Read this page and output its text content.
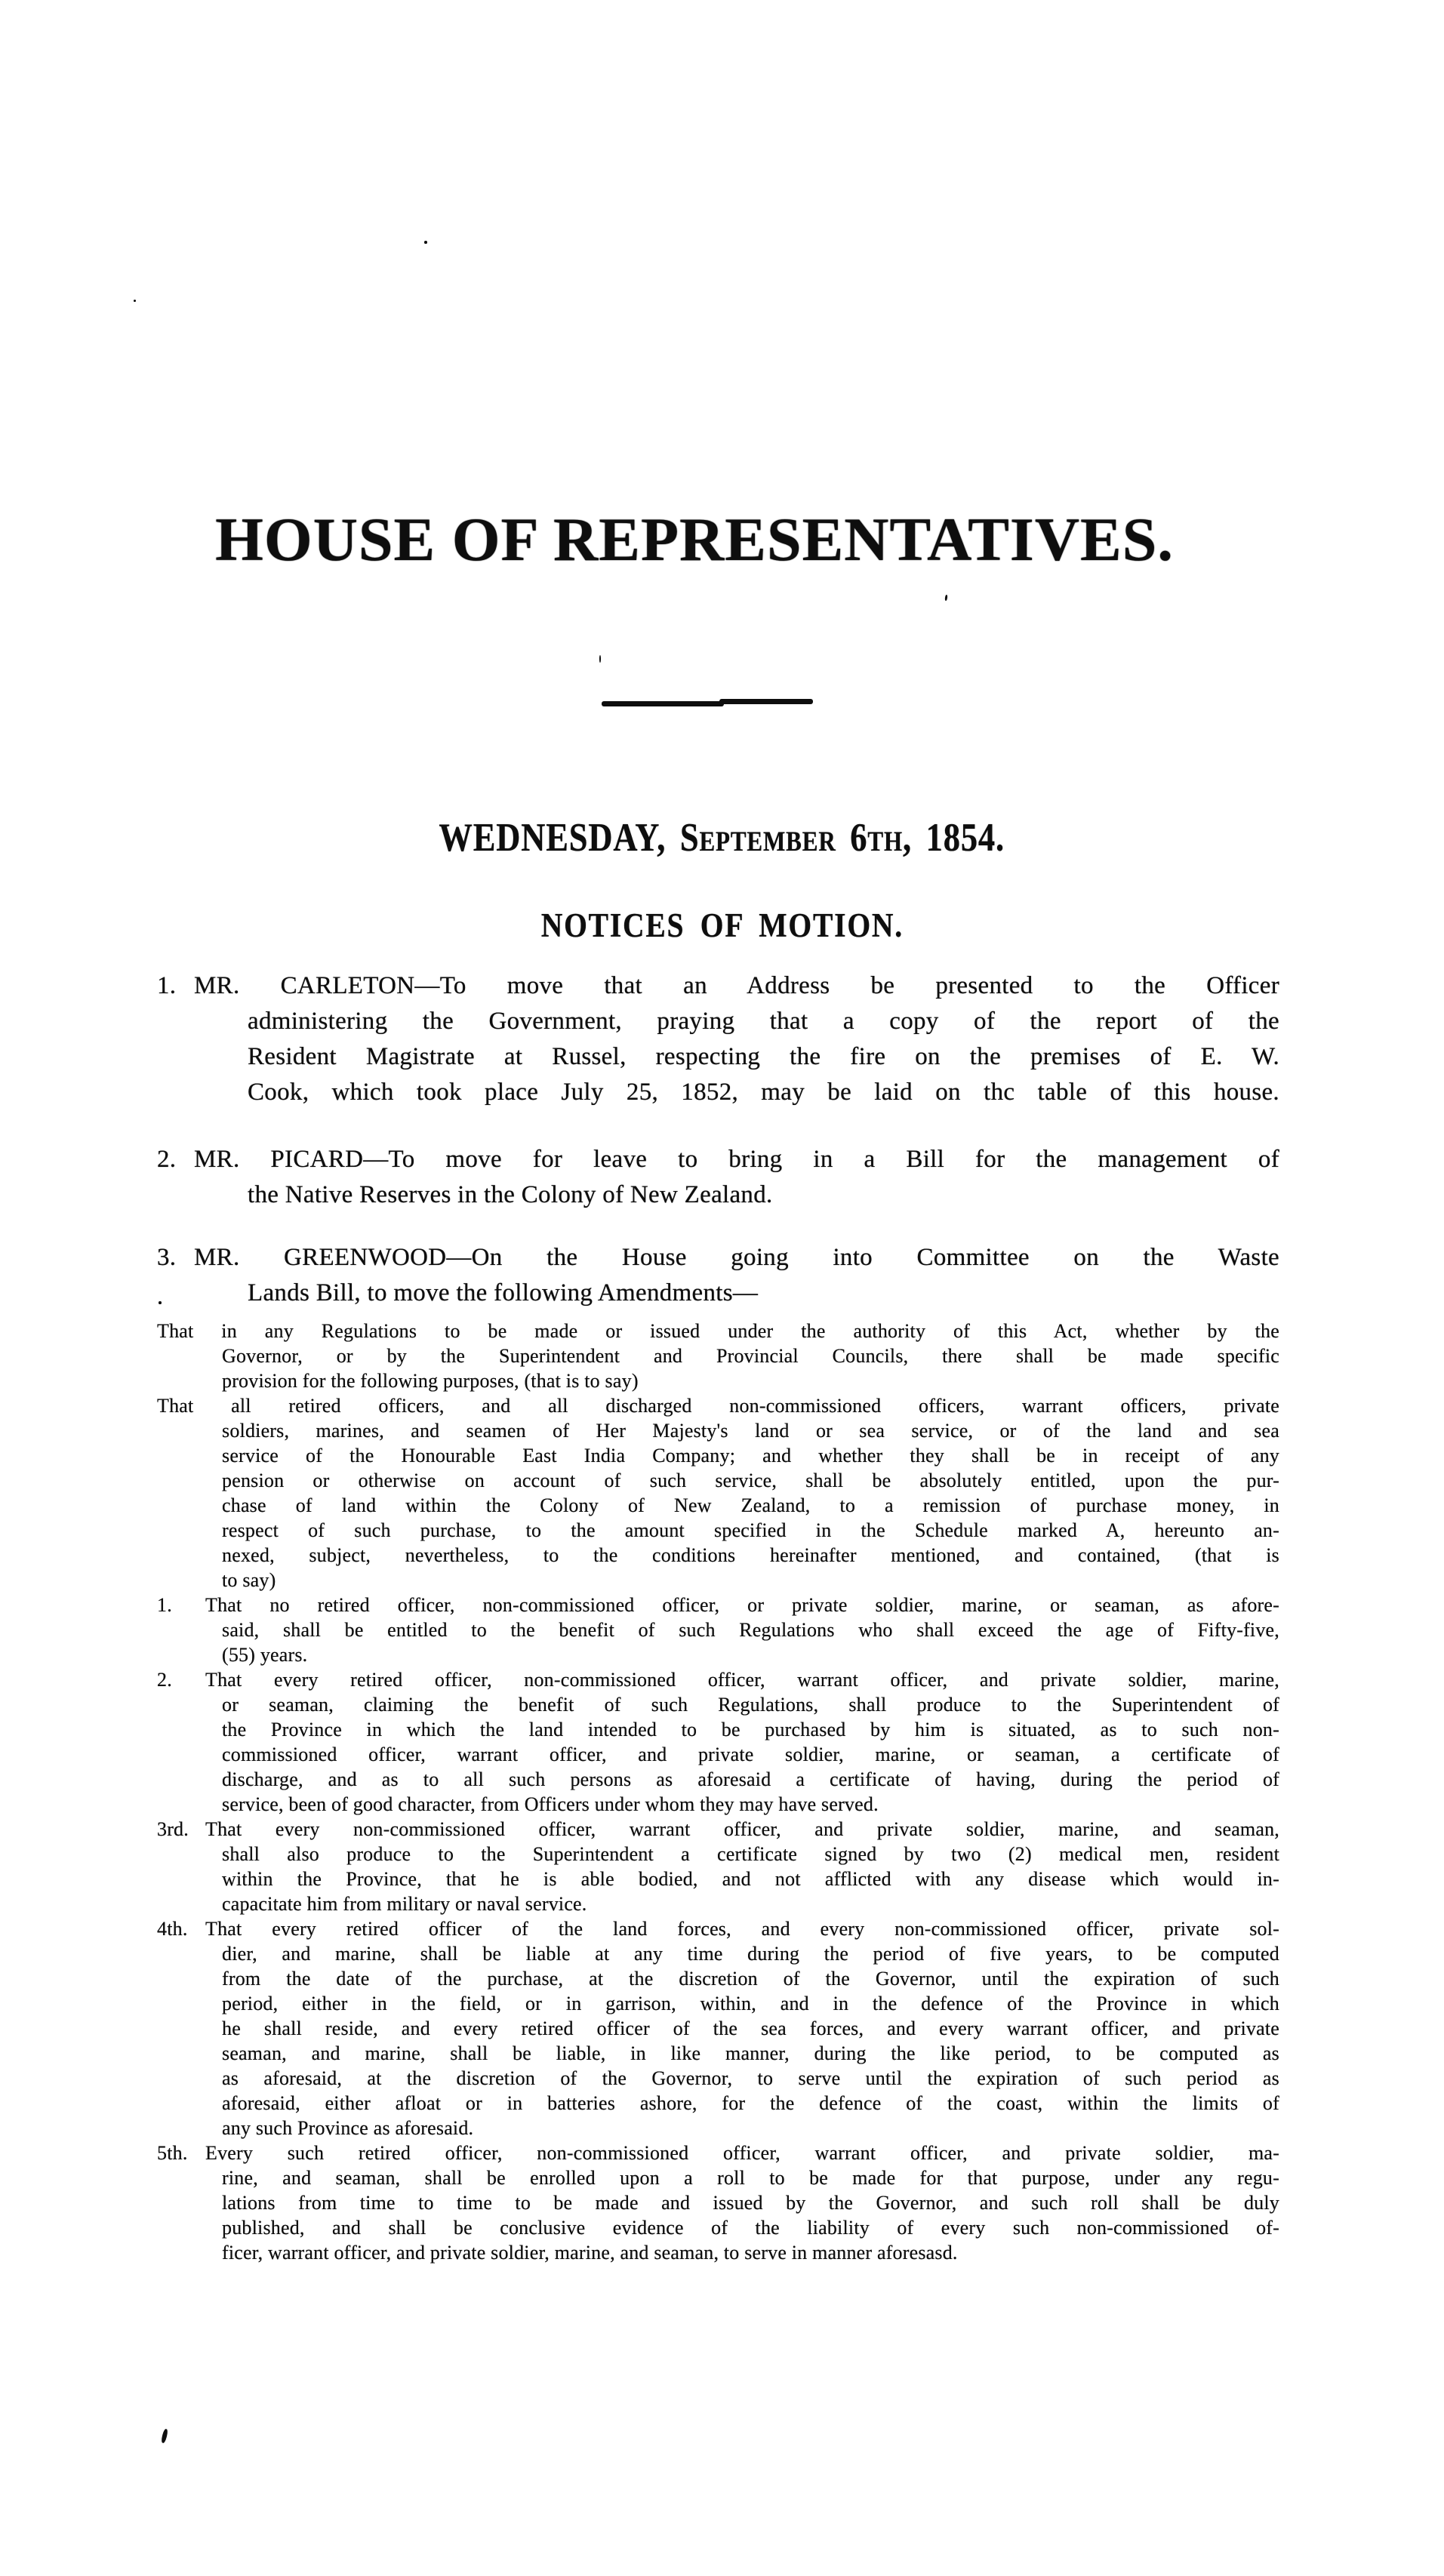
HOUSE OF REPRESENTATIVES.
WEDNESDAY, September 6th, 1854.
NOTICES OF MOTION.
MR. CARLETON—To move that an Address be presented to the Officer
1.
administering the Government, praying that a copy of the report of the
Resident Magistrate at Russel, respecting the fire on the premises of E. W.
Cook, which took place July 25, 1852, may be laid on thc table of this house.
MR. PICARD—To move for leave to bring in a Bill for the management of
2.
the Native Reserves in the Colony of New Zealand.
MR. GREENWOOD—On the House going into Committee on the Waste
3.
Lands Bill, to move the following Amendments—
That in any Regulations to be made or issued under the authority of this Act, whether by the
Governor, or by the Superintendent and Provincial Councils, there shall be made specific
provision for the following purposes, (that is to say)
That all retired officers, and all discharged non-commissioned officers, warrant officers, private
soldiers, marines, and seamen of Her Majesty's land or sea service, or of the land and sea
service of the Honourable East India Company; and whether they shall be in receipt of any
pension or otherwise on account of such service, shall be absolutely entitled, upon the pur-
chase of land within the Colony of New Zealand, to a remission of purchase money, in
respect of such purchase, to the amount specified in the Schedule marked A, hereunto an-
nexed, subject, nevertheless, to the conditions hereinafter mentioned, and contained, (that is
to say)
That no retired officer, non-commissioned officer, or private soldier, marine, or seaman, as afore-
1.
said, shall be entitled to the benefit of such Regulations who shall exceed the age of Fifty-five,
(55) years.
That every retired officer, non-commissioned officer, warrant officer, and private soldier, marine,
2.
or seaman, claiming the benefit of such Regulations, shall produce to the Superintendent of
the Province in which the land intended to be purchased by him is situated, as to such non-
commissioned officer, warrant officer, and private soldier, marine, or seaman, a certificate of
discharge, and as to all such persons as aforesaid a certificate of having, during the period of
service, been of good character, from Officers under whom they may have served.
That every non-commissioned officer, warrant officer, and private soldier, marine, and seaman,
3rd.
shall also produce to the Superintendent a certificate signed by two (2) medical men, resident
within the Province, that he is able bodied, and not afflicted with any disease which would in-
capacitate him from military or naval service.
That every retired officer of the land forces, and every non-commissioned officer, private sol-
4th.
dier, and marine, shall be liable at any time during the period of five years, to be computed
from the date of the purchase, at the discretion of the Governor, until the expiration of such
period, either in the field, or in garrison, within, and in the defence of the Province in which
he shall reside, and every retired officer of the sea forces, and every warrant officer, and private
seaman, and marine, shall be liable, in like manner, during the like period, to be computed as
as aforesaid, at the discretion of the Governor, to serve until the expiration of such period as
aforesaid, either afloat or in batteries ashore, for the defence of the coast, within the limits of
any such Province as aforesaid.
Every such retired officer, non-commissioned officer, warrant officer, and private soldier, ma-
5th.
rine, and seaman, shall be enrolled upon a roll to be made for that purpose, under any regu-
lations from time to time to be made and issued by the Governor, and such roll shall be duly
published, and shall be conclusive evidence of the liability of every such non-commissioned of-
ficer, warrant officer, and private soldier, marine, and seaman, to serve in manner aforesasd.
